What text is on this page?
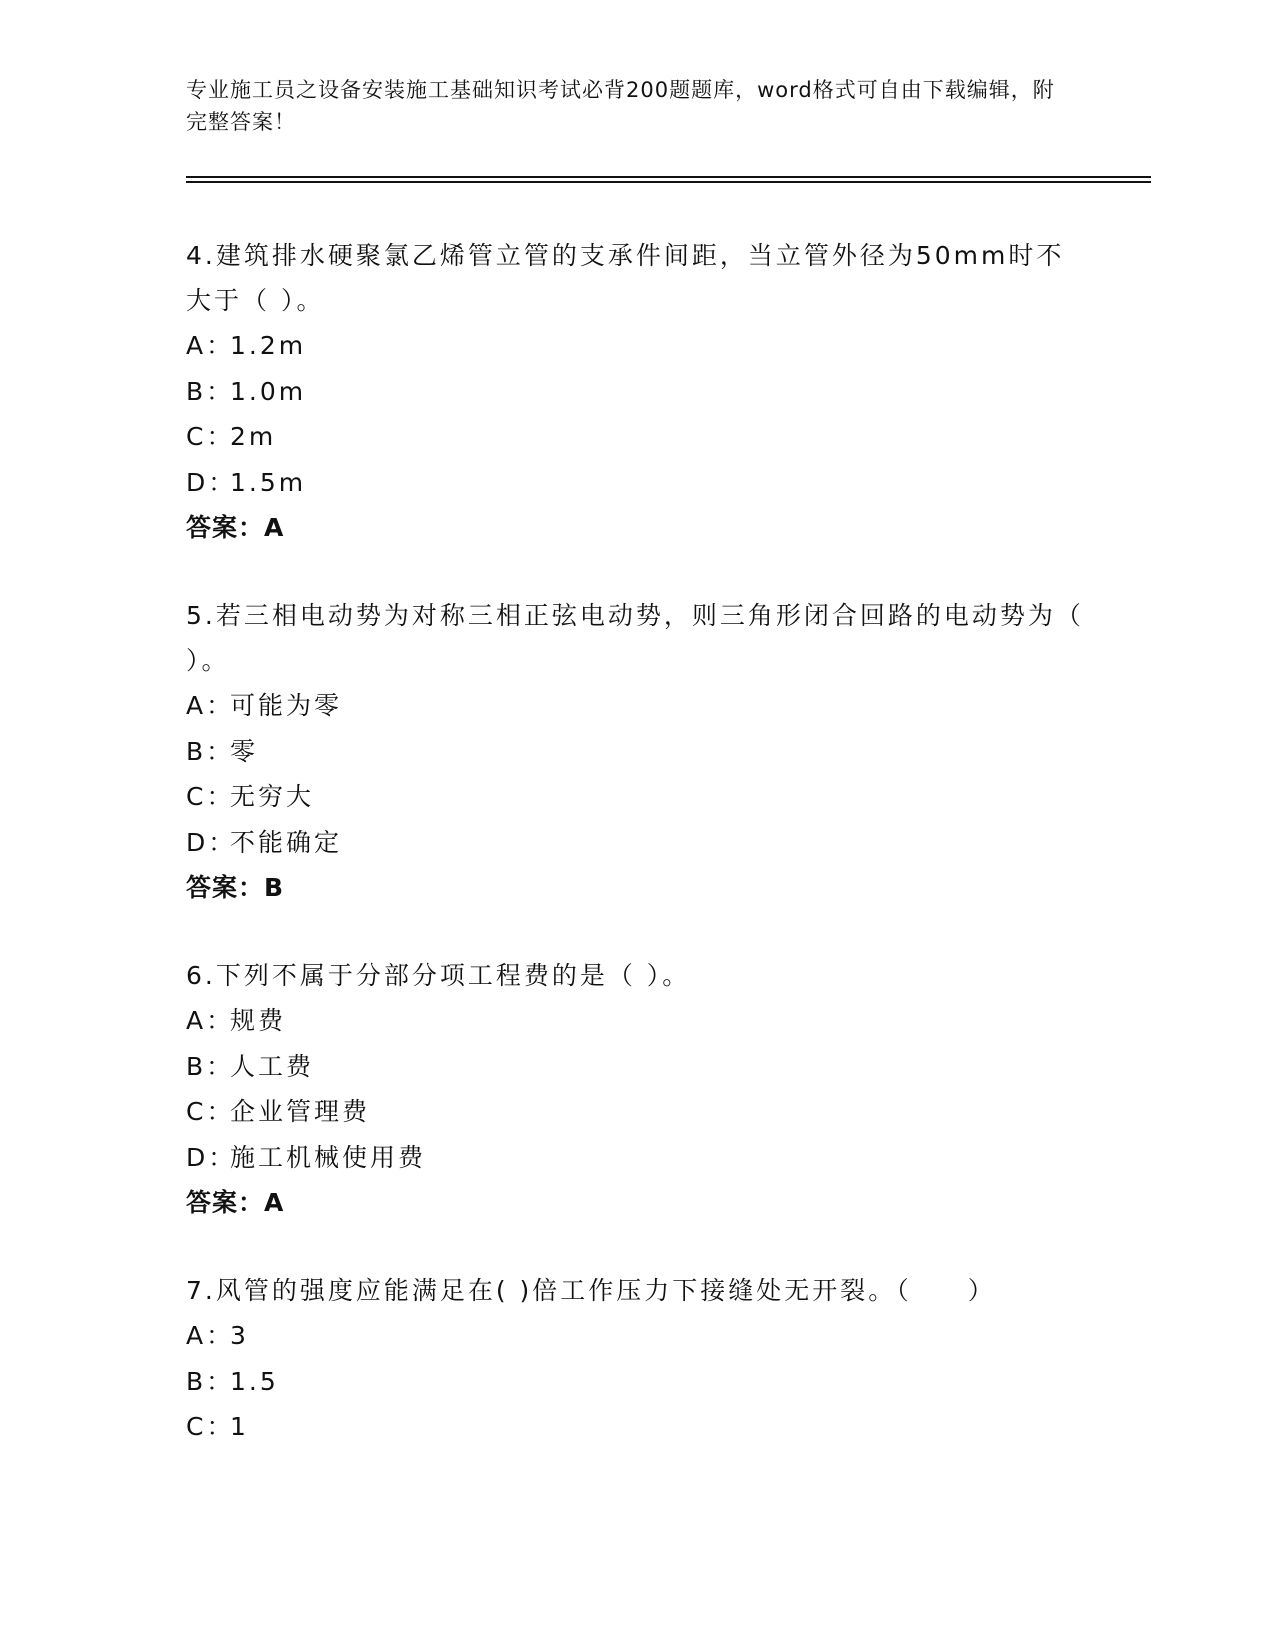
专业施工员之设备安装施工基础知识考试必背200题题库，word格式可自由下载编辑，附完整答案！

4.建筑排水硬聚氯乙烯管立管的支承件间距，当立管外径为50mm时不大于（ ）。

A：1.2m

B：1.0m

C：2m

D：1.5m

答案：A

5.若三相电动势为对称三相正弦电动势，则三角形闭合回路的电动势为（ ）。

A：可能为零

B：零

C：无穷大

D：不能确定

答案：B

6.下列不属于分部分项工程费的是（ ）。

A：规费

B：人工费

C：企业管理费

D：施工机械使用费

答案：A

7.风管的强度应能满足在( )倍工作压力下接缝处无开裂。（　　）

A：3

B：1.5

C：1
